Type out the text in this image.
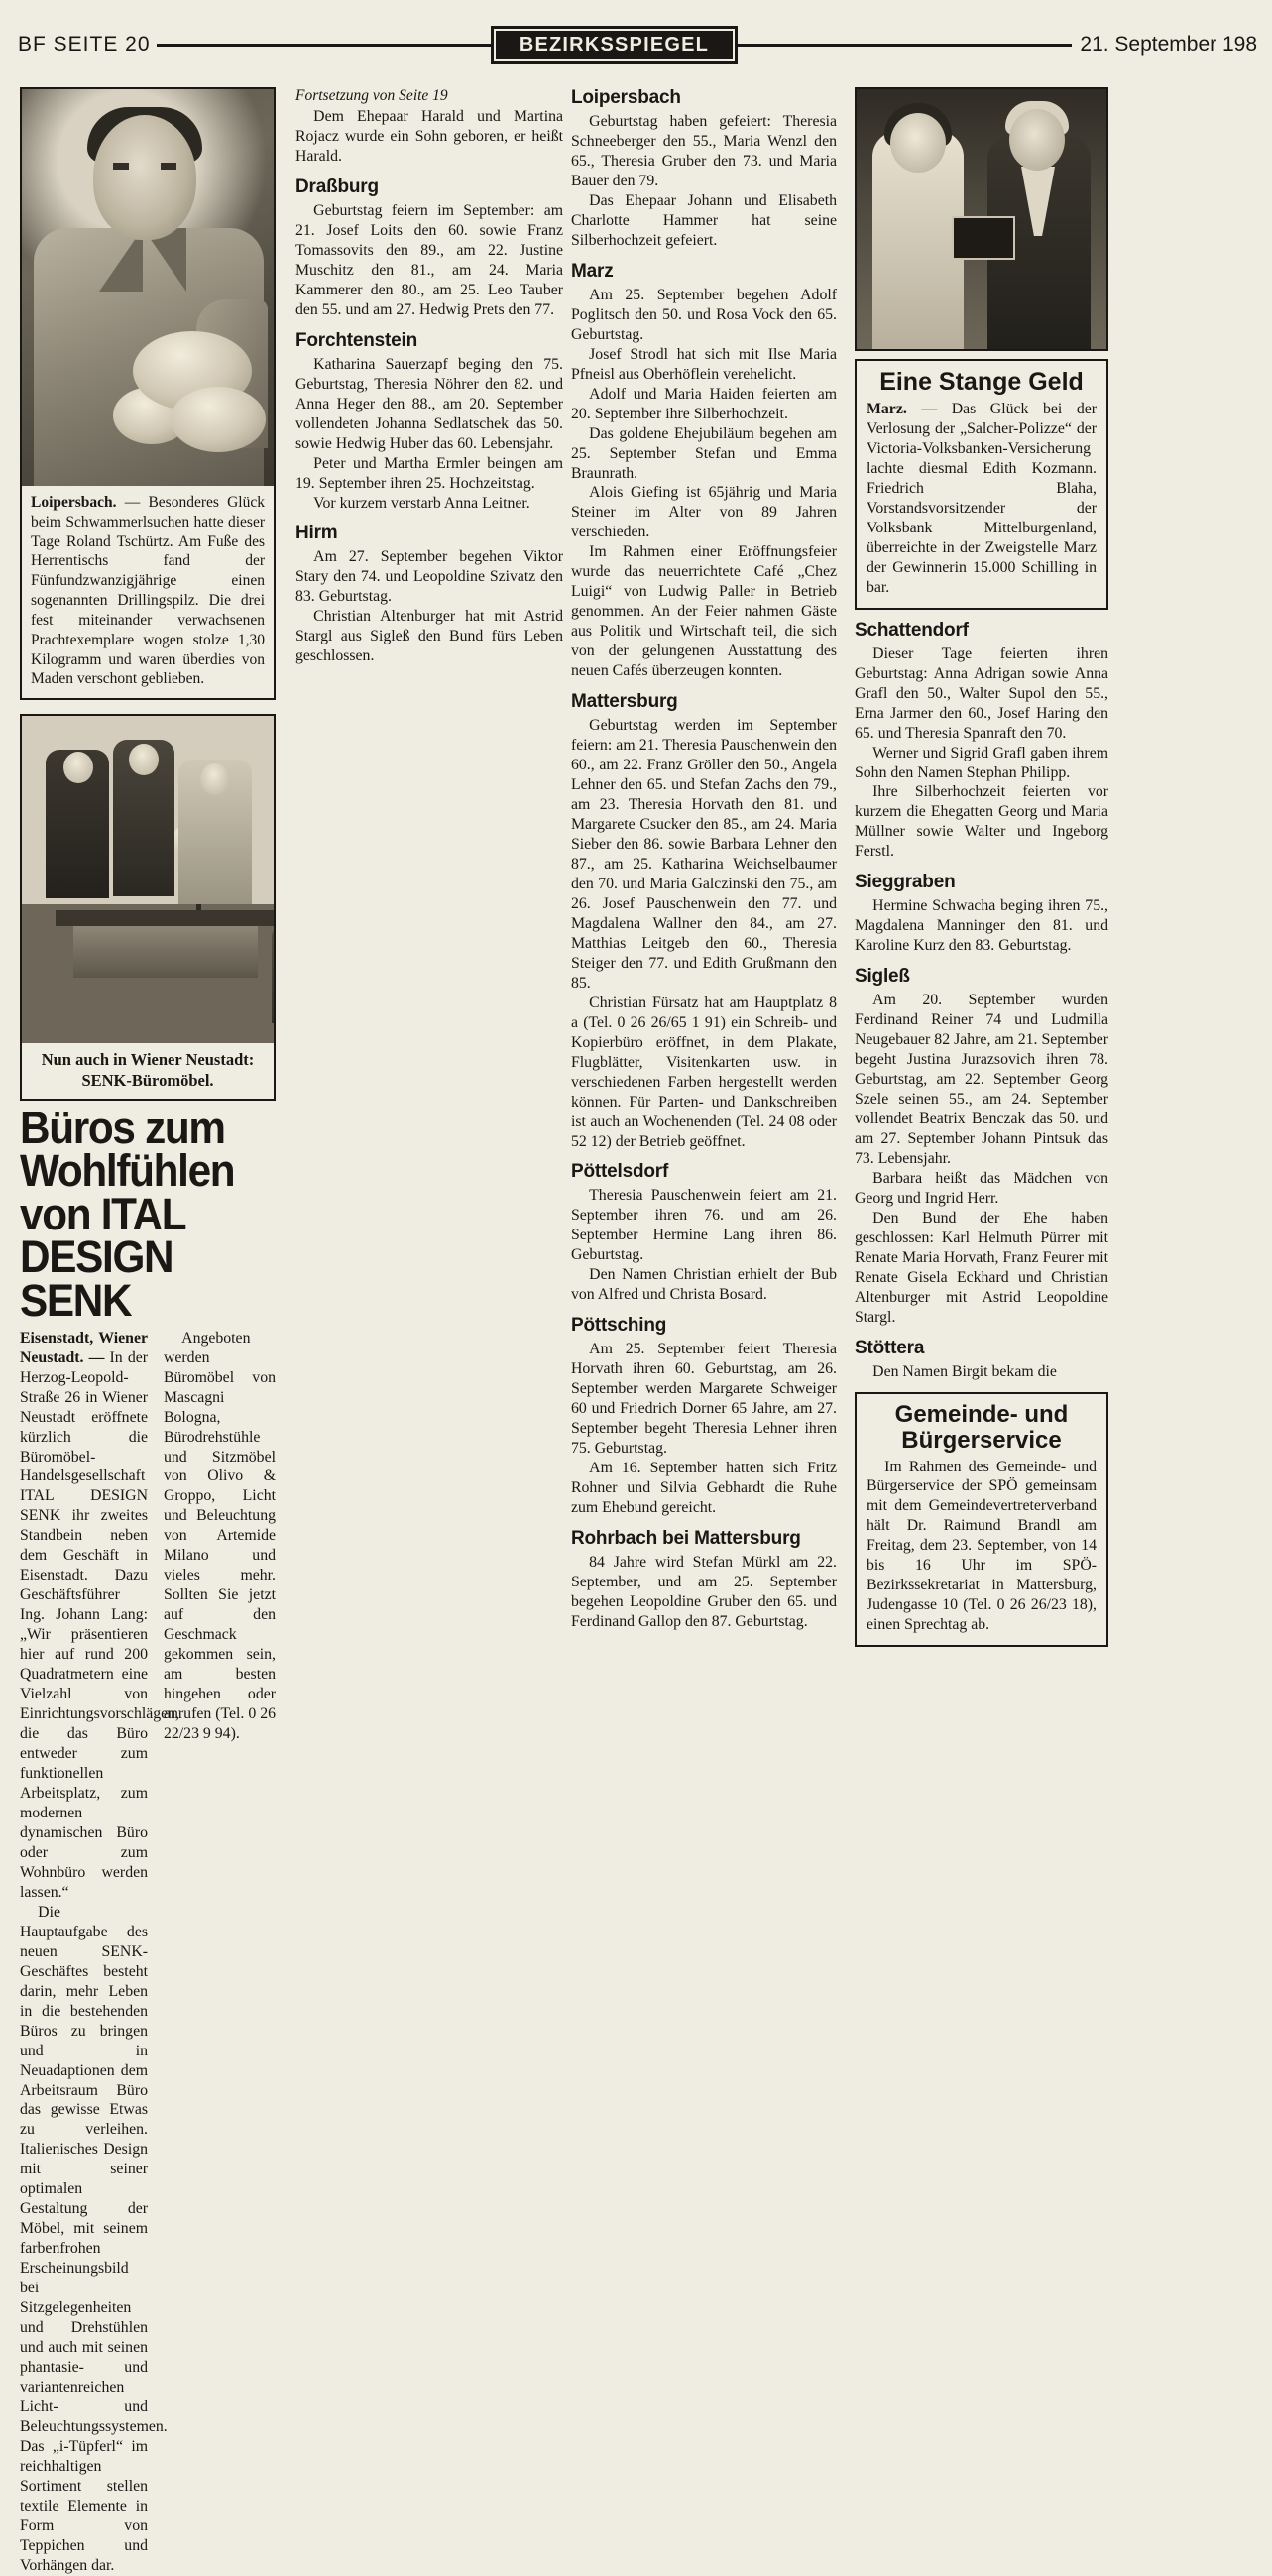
BF SEITE 20	BEZIRKSSPIEGEL	21. September 198
Loipersbach. — Besonderes Glück beim Schwammerlsuchen hatte dieser Tage Roland Tschürtz. Am Fuße des Herrentischs fand der Fünfundzwanzigjährige einen sogenannten Drillingspilz. Die drei fest miteinander verwachsenen Prachtexemplare wogen stolze 1,30 Kilogramm und waren überdies von Maden verschont geblieben.
Nun auch in Wiener Neustadt: SENK-Büromöbel.
Büros zum Wohlfühlen
von ITAL DESIGN SENK

Eisenstadt, Wiener Neustadt. — In der Herzog-Leopold-Straße 26 in Wiener Neustadt eröffnete kürzlich die Büromöbel-Handelsgesellschaft ITAL DESIGN SENK ihr zweites Standbein neben dem Geschäft in Eisenstadt. Dazu Geschäftsführer Ing. Johann Lang: „Wir präsentieren hier auf rund 200 Quadratmetern eine Vielzahl von Einrichtungsvorschlägen, die das Büro entweder zum funktionellen Arbeitsplatz, zum modernen dynamischen Büro oder zum Wohnbüro werden lassen.“

Die Hauptaufgabe des neuen SENK-Geschäftes besteht darin, mehr Leben in die bestehenden Büros zu bringen und in Neuadaptionen dem Arbeitsraum Büro das gewisse Etwas zu verleihen. Italienisches Design mit seiner optimalen Gestaltung der Möbel, mit seinem farbenfrohen Erscheinungsbild bei Sitzgelegenheiten und Drehstühlen und auch mit seinen phantasie- und variantenreichen Licht- und Beleuchtungssystemen. Das „i-Tüpferl“ im reichhaltigen Sortiment stellen textile Elemente in Form von Teppichen und Vorhängen dar.

Angeboten werden Büromöbel von Mascagni Bologna, Bürodrehstühle und Sitzmöbel von Olivo & Groppo, Licht und Beleuchtung von Artemide Milano und vieles mehr. Sollten Sie jetzt auf den Geschmack gekommen sein, am besten hingehen oder anrufen (Tel. 0 26 22/23 9 94).

Fortsetzung von Seite 19

Dem Ehepaar Harald und Martina Rojacz wurde ein Sohn geboren, er heißt Harald.

Draßburg

Geburtstag feiern im September: am 21. Josef Loits den 60. sowie Franz Tomassovits den 89., am 22. Justine Muschitz den 81., am 24. Maria Kammerer den 80., am 25. Leo Tauber den 55. und am 27. Hedwig Prets den 77.

Forchtenstein

Katharina Sauerzapf beging den 75. Geburtstag, Theresia Nöhrer den 82. und Anna Heger den 88., am 20. September vollendeten Johanna Sedlatschek das 50. sowie Hedwig Huber das 60. Lebensjahr.

Peter und Martha Ermler beingen am 19. September ihren 25. Hochzeitstag.

Vor kurzem verstarb Anna Leitner.

Hirm

Am 27. September begehen Viktor Stary den 74. und Leopoldine Szivatz den 83. Geburtstag.

Christian Altenburger hat mit Astrid Stargl aus Sigleß den Bund fürs Leben geschlossen.

Loipersbach

Geburtstag haben gefeiert: Theresia Schneeberger den 55., Maria Wenzl den 65., Theresia Gruber den 73. und Maria Bauer den 79.

Das Ehepaar Johann und Elisabeth Charlotte Hammer hat seine Silberhochzeit gefeiert.

Marz

Am 25. September begehen Adolf Poglitsch den 50. und Rosa Vock den 65. Geburtstag.

Josef Strodl hat sich mit Ilse Maria Pfneisl aus Oberhöflein verehelicht.

Adolf und Maria Haiden feierten am 20. September ihre Silberhochzeit.

Das goldene Ehejubiläum begehen am 25. September Stefan und Emma Braunrath.

Alois Giefing ist 65jährig und Maria Steiner im Alter von 89 Jahren verschieden.

Im Rahmen einer Eröffnungsfeier wurde das neuerrichtete Café „Chez Luigi“ von Ludwig Paller in Betrieb genommen. An der Feier nahmen Gäste aus Politik und Wirtschaft teil, die sich von der gelungenen Ausstattung des neuen Cafés überzeugen konnten.

Mattersburg

Geburtstag werden im September feiern: am 21. Theresia Pauschenwein den 60., am 22. Franz Gröller den 50., Angela Lehner den 65. und Stefan Zachs den 79., am 23. Theresia Horvath den 81. und Margarete Csucker den 85., am 24. Maria Sieber den 86. sowie Barbara Lehner den 87., am 25. Katharina Weichselbaumer den 70. und Maria Galczinski den 75., am 26. Josef Pauschenwein den 77. und Magdalena Wallner den 84., am 27. Matthias Leitgeb den 60., Theresia Steiger den 77. und Edith Grußmann den 85.

Christian Fürsatz hat am Hauptplatz 8 a (Tel. 0 26 26/65 1 91) ein Schreib- und Kopierbüro eröffnet, in dem Plakate, Flugblätter, Visitenkarten usw. in verschiedenen Farben hergestellt werden können. Für Parten- und Dankschreiben ist auch an Wochenenden (Tel. 24 08 oder 52 12) der Betrieb geöffnet.

Pöttelsdorf

Theresia Pauschenwein feiert am 21. September ihren 76. und am 26. September Hermine Lang ihren 86. Geburtstag.

Den Namen Christian erhielt der Bub von Alfred und Christa Bosard.

Pöttsching

Am 25. September feiert Theresia Horvath ihren 60. Geburtstag, am 26. September werden Margarete Schweiger 60 und Friedrich Dorner 65 Jahre, am 27. September begeht Theresia Lehner ihren 75. Geburtstag.

Am 16. September hatten sich Fritz Rohner und Silvia Gebhardt die Ruhe zum Ehebund gereicht.

Rohrbach bei Mattersburg

84 Jahre wird Stefan Mürkl am 22. September, und am 25. September begehen Leopoldine Gruber den 65. und Ferdinand Gallop den 87. Geburtstag.

Eine Stange Geld

Marz. — Das Glück bei der Verlosung der „Salcher-Polizze“ der Victoria-Volksbanken-Versicherung lachte diesmal Edith Kozmann. Friedrich Blaha, Vorstandsvorsitzender der Volksbank Mittelburgenland, überreichte in der Zweigstelle Marz der Gewinnerin 15.000 Schilling in bar.

Schattendorf

Dieser Tage feierten ihren Geburtstag: Anna Adrigan sowie Anna Grafl den 50., Walter Supol den 55., Erna Jarmer den 60., Josef Haring den 65. und Theresia Spanraft den 70.

Werner und Sigrid Grafl gaben ihrem Sohn den Namen Stephan Philipp.

Ihre Silberhochzeit feierten vor kurzem die Ehegatten Georg und Maria Müllner sowie Walter und Ingeborg Ferstl.

Sieggraben

Hermine Schwacha beging ihren 75., Magdalena Manninger den 81. und Karoline Kurz den 83. Geburtstag.

Sigleß

Am 20. September wurden Ferdinand Reiner 74 und Ludmilla Neugebauer 82 Jahre, am 21. September begeht Justina Jurazsovich ihren 78. Geburtstag, am 22. September Georg Szele seinen 55., am 24. September vollendet Beatrix Benczak das 50. und am 27. September Johann Pintsuk das 73. Lebensjahr.

Barbara heißt das Mädchen von Georg und Ingrid Herr.

Den Bund der Ehe haben geschlossen: Karl Helmuth Pürrer mit Renate Maria Horvath, Franz Feurer mit Renate Gisela Eckhard und Christian Altenburger mit Astrid Leopoldine Stargl.

Stöttera

Den Namen Birgit bekam die

Gemeinde- und
Bürgerservice

Im Rahmen des Gemeinde- und Bürgerservice der SPÖ gemeinsam mit dem Gemeindevertreterverband hält Dr. Raimund Brandl am Freitag, dem 23. September, von 14 bis 16 Uhr im SPÖ-Bezirkssekretariat in Mattersburg, Judengasse 10 (Tel. 0 26 26/23 18), einen Sprechtag ab.
